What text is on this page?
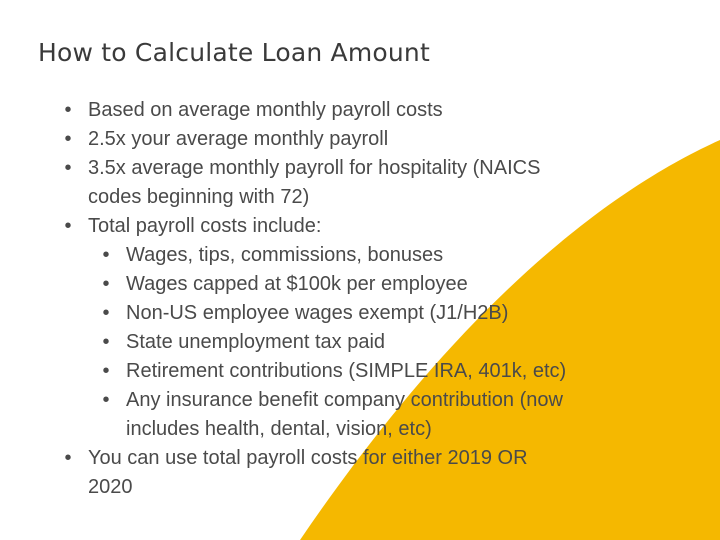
How to Calculate Loan Amount
• Based on average monthly payroll costs
• 2.5x your average monthly payroll
• 3.5x average monthly payroll for hospitality (NAICS
codes beginning with 72)
• Total payroll costs include:
• Wages, tips, commissions, bonuses
• Wages capped at $100k per employee
• Non-US employee wages exempt (J1/H2B)
• State unemployment tax paid
• Retirement contributions (SIMPLE IRA, 401k, etc)
• Any insurance benefit company contribution (now
includes health, dental, vision, etc)
• You can use total payroll costs for either 2019 OR
2020
